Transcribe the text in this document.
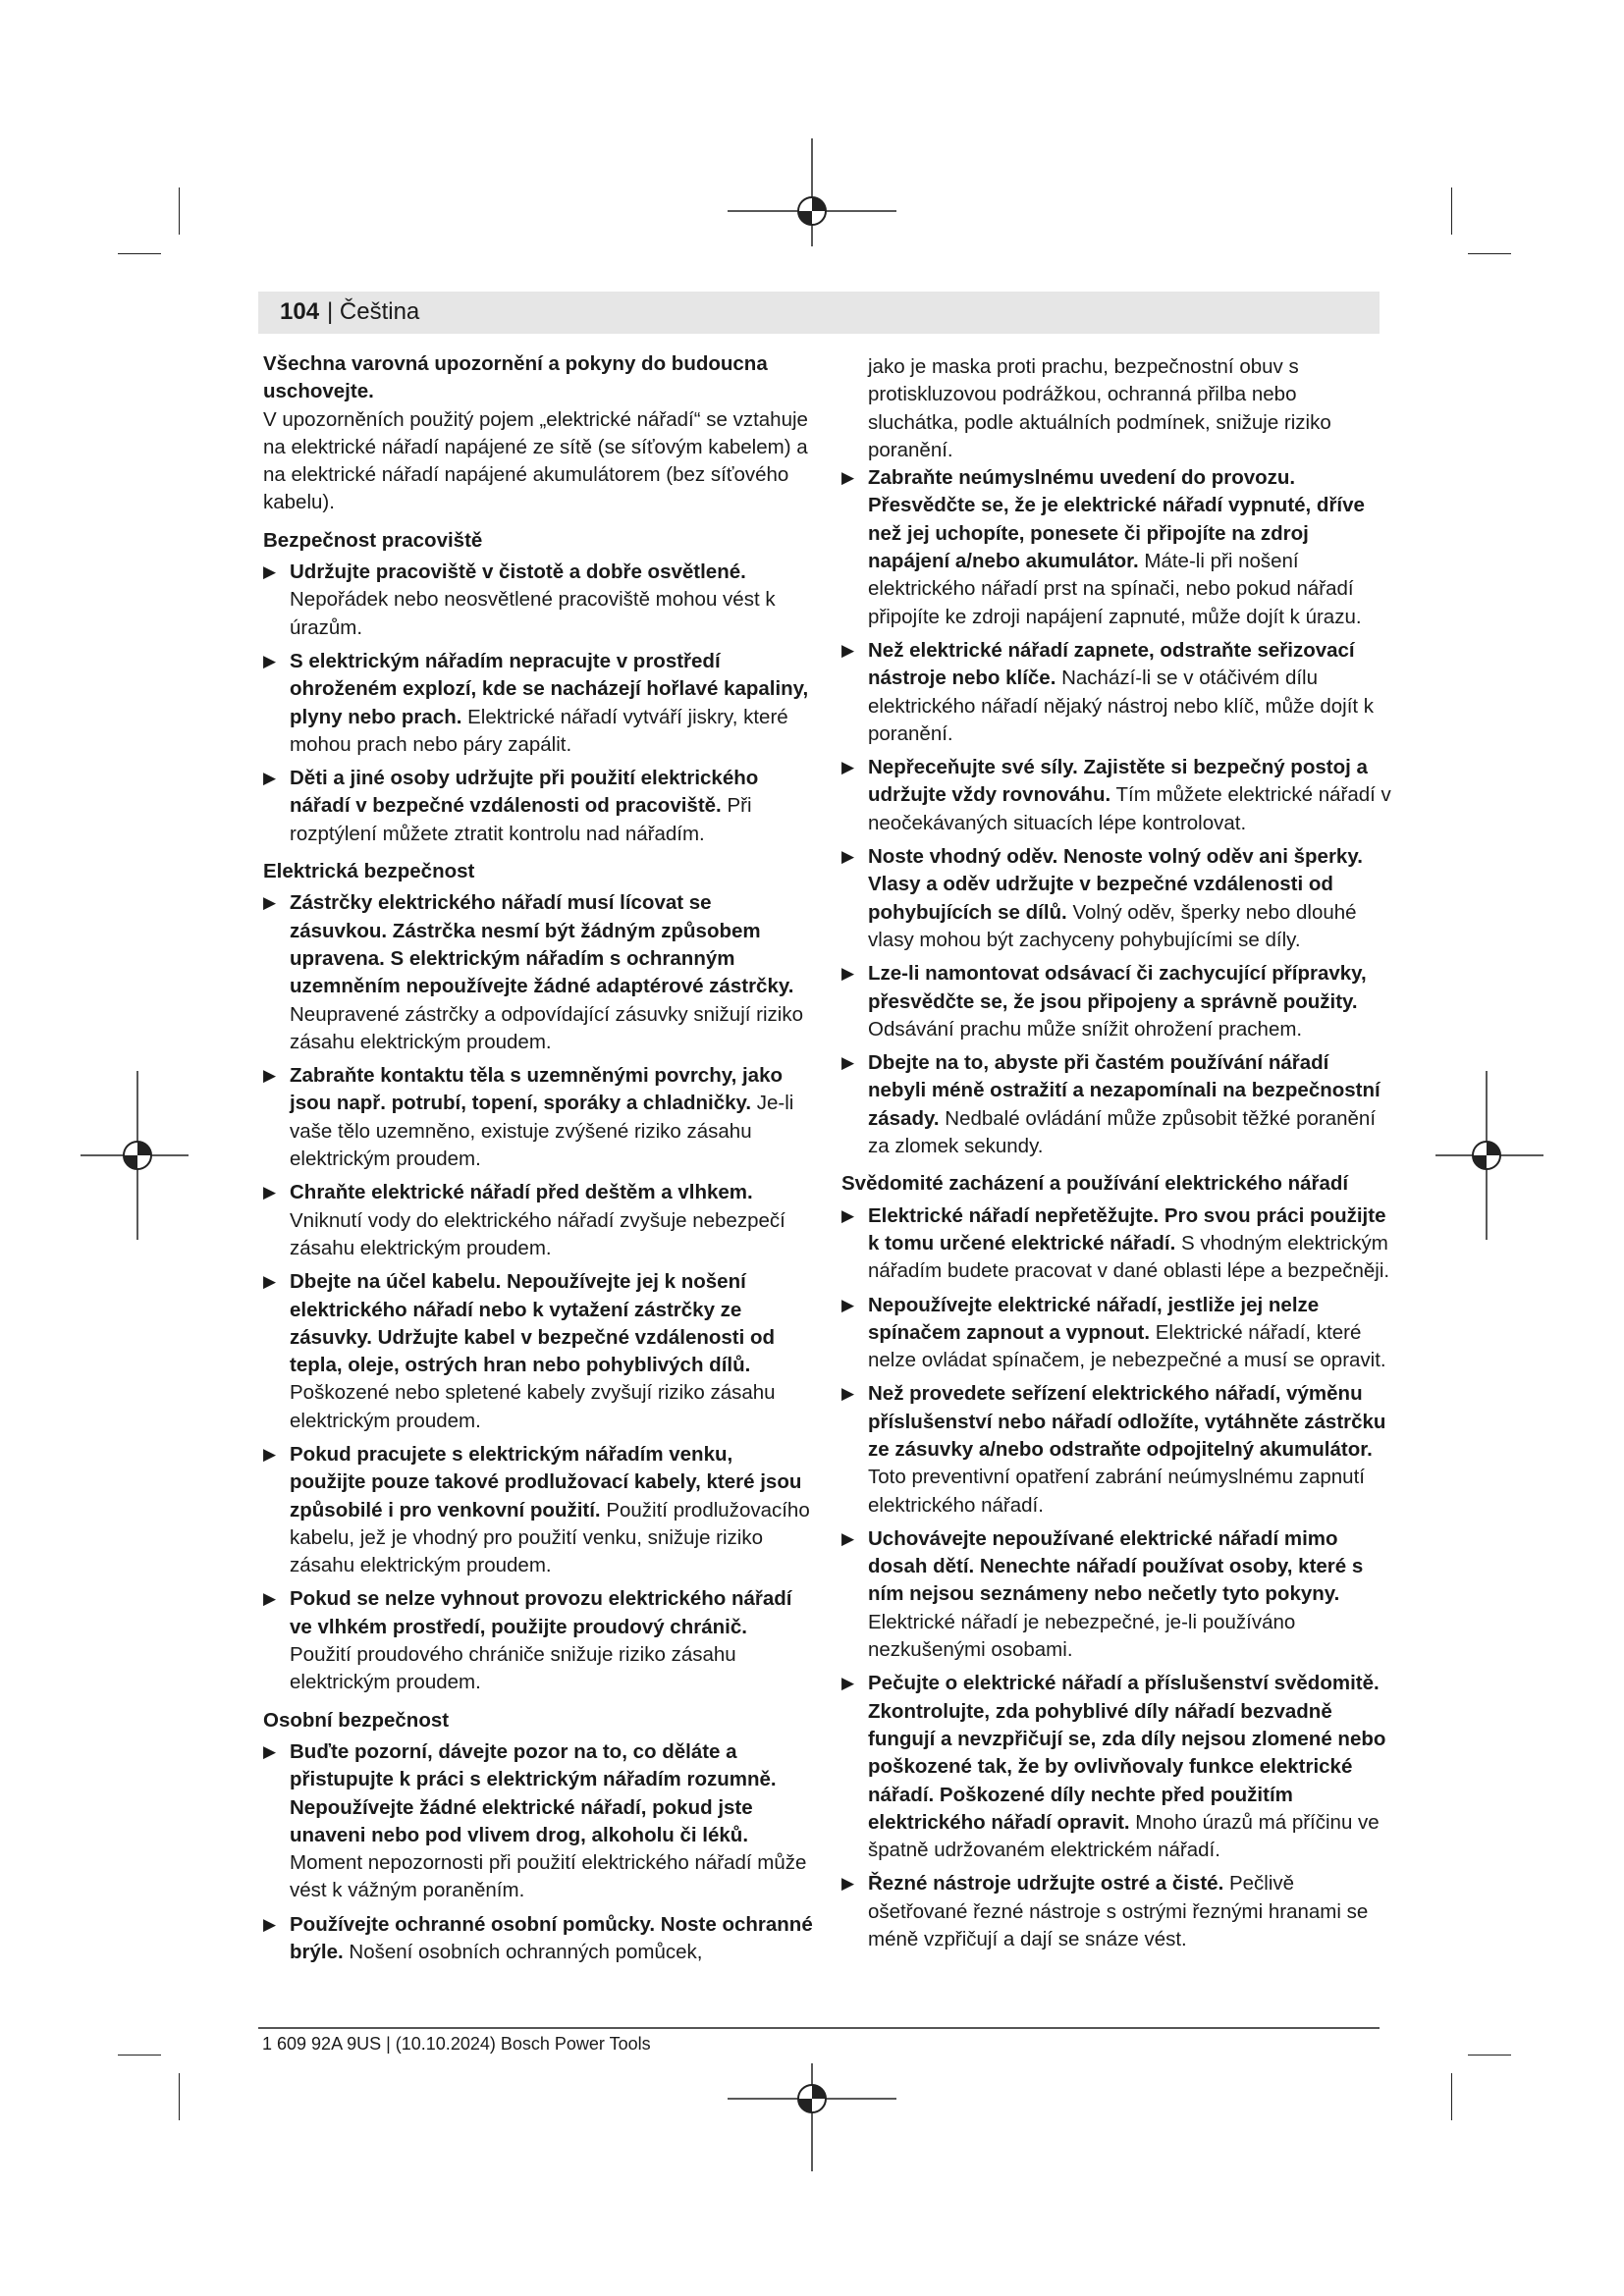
104 | Čeština

Všechna varovná upozornění a pokyny do budoucna uschovejte.

V upozorněních použitý pojem „elektrické nářadí“ se vztahuje na elektrické nářadí napájené ze sítě (se síťovým kabelem) a na elektrické nářadí napájené akumulátorem (bez síťového kabelu).

Bezpečnost pracoviště

▶ Udržujte pracoviště v čistotě a dobře osvětlené. Nepořádek nebo neosvětlené pracoviště mohou vést k úrazům.
▶ S elektrickým nářadím nepracujte v prostředí ohroženém explozí, kde se nacházejí hořlavé kapaliny, plyny nebo prach. Elektrické nářadí vytváří jiskry, které mohou prach nebo páry zapálit.
▶ Děti a jiné osoby udržujte při použití elektrického nářadí v bezpečné vzdálenosti od pracoviště. Při rozptýlení můžete ztratit kontrolu nad nářadím.

Elektrická bezpečnost

▶ Zástrčky elektrického nářadí musí lícovat se zásuvkou. Zástrčka nesmí být žádným způsobem upravena. S elektrickým nářadím s ochranným uzemněním nepoužívejte žádné adaptérové zástrčky. Neupravené zástrčky a odpovídající zásuvky snižují riziko zásahu elektrickým proudem.
▶ Zabraňte kontaktu těla s uzemněnými povrchy, jako jsou např. potrubí, topení, sporáky a chladničky. Je-li vaše tělo uzemněno, existuje zvýšené riziko zásahu elektrickým proudem.
▶ Chraňte elektrické nářadí před deštěm a vlhkem. Vniknutí vody do elektrického nářadí zvyšuje nebezpečí zásahu elektrickým proudem.
▶ Dbejte na účel kabelu. Nepoužívejte jej k nošení elektrického nářadí nebo k vytažení zástrčky ze zásuvky. Udržujte kabel v bezpečné vzdálenosti od tepla, oleje, ostrých hran nebo pohyblivých dílů. Poškozené nebo spletené kabely zvyšují riziko zásahu elektrickým proudem.
▶ Pokud pracujete s elektrickým nářadím venku, použijte pouze takové prodlužovací kabely, které jsou způsobilé i pro venkovní použití. Použití prodlužovacího kabelu, jež je vhodný pro použití venku, snižuje riziko zásahu elektrickým proudem.
▶ Pokud se nelze vyhnout provozu elektrického nářadí ve vlhkém prostředí, použijte proudový chránič. Použití proudového chrániče snižuje riziko zásahu elektrickým proudem.

Osobní bezpečnost

▶ Buďte pozorní, dávejte pozor na to, co děláte a přistupujte k práci s elektrickým nářadím rozumně. Nepoužívejte žádné elektrické nářadí, pokud jste unaveni nebo pod vlivem drog, alkoholu či léků. Moment nepozornosti při použití elektrického nářadí může vést k vážným poraněním.
▶ Používejte ochranné osobní pomůcky. Noste ochranné brýle. Nošení osobních ochranných pomůcek,

jako je maska proti prachu, bezpečnostní obuv s protiskluzovou podrážkou, ochranná přilba nebo sluchátka, podle aktuálních podmínek, snižuje riziko poranění.

▶ Zabraňte neúmyslnému uvedení do provozu. Přesvědčte se, že je elektrické nářadí vypnuté, dříve než jej uchopíte, ponesete či připojíte na zdroj napájení a/nebo akumulátor. Máte-li při nošení elektrického nářadí prst na spínači, nebo pokud nářadí připojíte ke zdroji napájení zapnuté, může dojít k úrazu.
▶ Než elektrické nářadí zapnete, odstraňte seřizovací nástroje nebo klíče. Nachází-li se v otáčivém dílu elektrického nářadí nějaký nástroj nebo klíč, může dojít k poranění.
▶ Nepřeceňujte své síly. Zajistěte si bezpečný postoj a udržujte vždy rovnováhu. Tím můžete elektrické nářadí v neočekávaných situacích lépe kontrolovat.
▶ Noste vhodný oděv. Nenoste volný oděv ani šperky. Vlasy a oděv udržujte v bezpečné vzdálenosti od pohybujících se dílů. Volný oděv, šperky nebo dlouhé vlasy mohou být zachyceny pohybujícími se díly.
▶ Lze-li namontovat odsávací či zachycující přípravky, přesvědčte se, že jsou připojeny a správně použity. Odsávání prachu může snížit ohrožení prachem.
▶ Dbejte na to, abyste při častém používání nářadí nebyli méně ostražití a nezapomínali na bezpečnostní zásady. Nedbalé ovládání může způsobit těžké poranění za zlomek sekundy.

Svědomité zacházení a používání elektrického nářadí

▶ Elektrické nářadí nepřetěžujte. Pro svou práci použijte k tomu určené elektrické nářadí. S vhodným elektrickým nářadím budete pracovat v dané oblasti lépe a bezpečněji.
▶ Nepoužívejte elektrické nářadí, jestliže jej nelze spínačem zapnout a vypnout. Elektrické nářadí, které nelze ovládat spínačem, je nebezpečné a musí se opravit.
▶ Než provedete seřízení elektrického nářadí, výměnu příslušenství nebo nářadí odložíte, vytáhněte zástrčku ze zásuvky a/nebo odstraňte odpojitelný akumulátor. Toto preventivní opatření zabrání neúmyslnému zapnutí elektrického nářadí.
▶ Uchovávejte nepoužívané elektrické nářadí mimo dosah dětí. Nenechte nářadí používat osoby, které s ním nejsou seznámeny nebo nečetly tyto pokyny. Elektrické nářadí je nebezpečné, je-li používáno nezkušenými osobami.
▶ Pečujte o elektrické nářadí a příslušenství svědomitě. Zkontrolujte, zda pohyblivé díly nářadí bezvadně fungují a nevzpřičují se, zda díly nejsou zlomené nebo poškozené tak, že by ovlivňovaly funkce elektrické nářadí. Poškozené díly nechte před použitím elektrického nářadí opravit. Mnoho úrazů má příčinu ve špatně udržovaném elektrickém nářadí.
▶ Řezné nástroje udržujte ostré a čisté. Pečlivě ošetřované řezné nástroje s ostrými řeznými hranami se méně vzpřičují a dají se snáze vést.
1 609 92A 9US | (10.10.2024) Bosch Power Tools
